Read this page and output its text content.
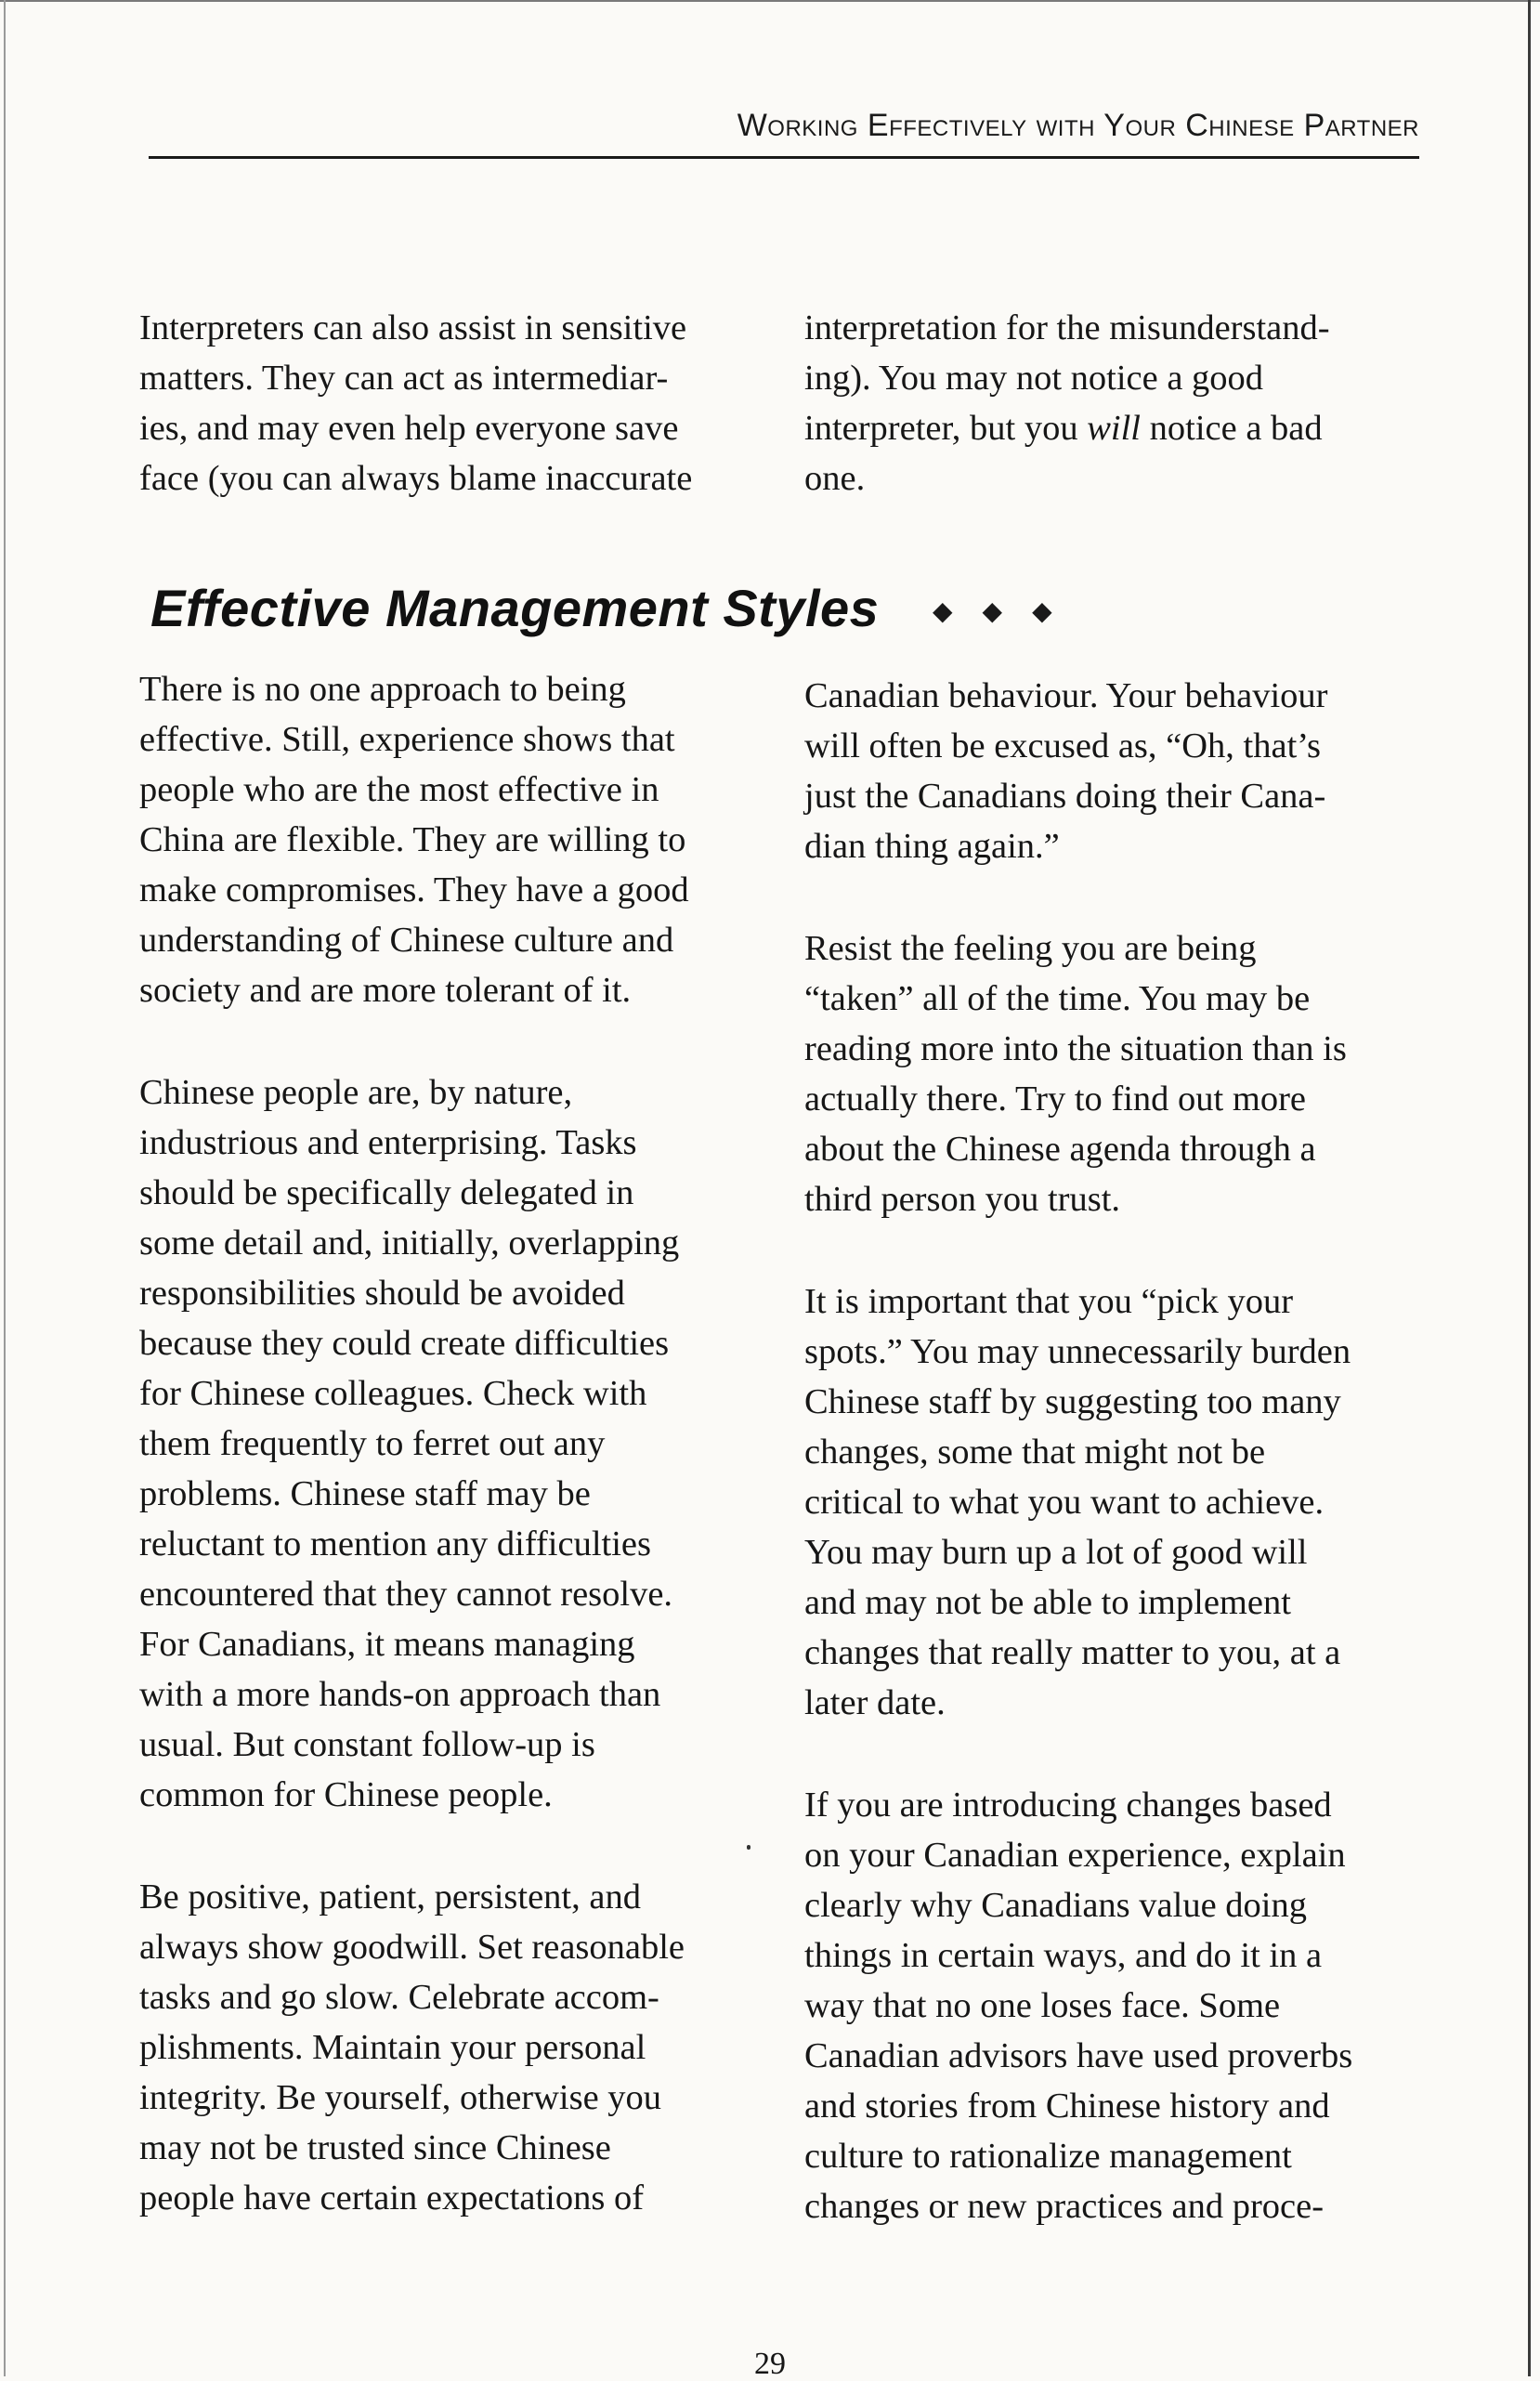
Working Effectively with Your Chinese Partner

Interpreters can also assist in sensitive
matters. They can act as intermediar-
ies, and may even help everyone save
face (you can always blame inaccurate

interpretation for the misunderstand-
ing). You may not notice a good
interpreter, but you will notice a bad
one.

Effective Management Styles ◆ ◆ ◆

There is no one approach to being
effective. Still, experience shows that
people who are the most effective in
China are flexible. They are willing to
make compromises. They have a good
understanding of Chinese culture and
society and are more tolerant of it.

Chinese people are, by nature,
industrious and enterprising. Tasks
should be specifically delegated in
some detail and, initially, overlapping
responsibilities should be avoided
because they could create difficulties
for Chinese colleagues. Check with
them frequently to ferret out any
problems. Chinese staff may be
reluctant to mention any difficulties
encountered that they cannot resolve.
For Canadians, it means managing
with a more hands-on approach than
usual. But constant follow-up is
common for Chinese people.

Be positive, patient, persistent, and
always show goodwill. Set reasonable
tasks and go slow. Celebrate accom-
plishments. Maintain your personal
integrity. Be yourself, otherwise you
may not be trusted since Chinese
people have certain expectations of

Canadian behaviour. Your behaviour
will often be excused as, “Oh, that’s
just the Canadians doing their Cana-
dian thing again.”

Resist the feeling you are being
“taken” all of the time. You may be
reading more into the situation than is
actually there. Try to find out more
about the Chinese agenda through a
third person you trust.

It is important that you “pick your
spots.” You may unnecessarily burden
Chinese staff by suggesting too many
changes, some that might not be
critical to what you want to achieve.
You may burn up a lot of good will
and may not be able to implement
changes that really matter to you, at a
later date.

If you are introducing changes based
on your Canadian experience, explain
clearly why Canadians value doing
things in certain ways, and do it in a
way that no one loses face. Some
Canadian advisors have used proverbs
and stories from Chinese history and
culture to rationalize management
changes or new practices and proce-

29
